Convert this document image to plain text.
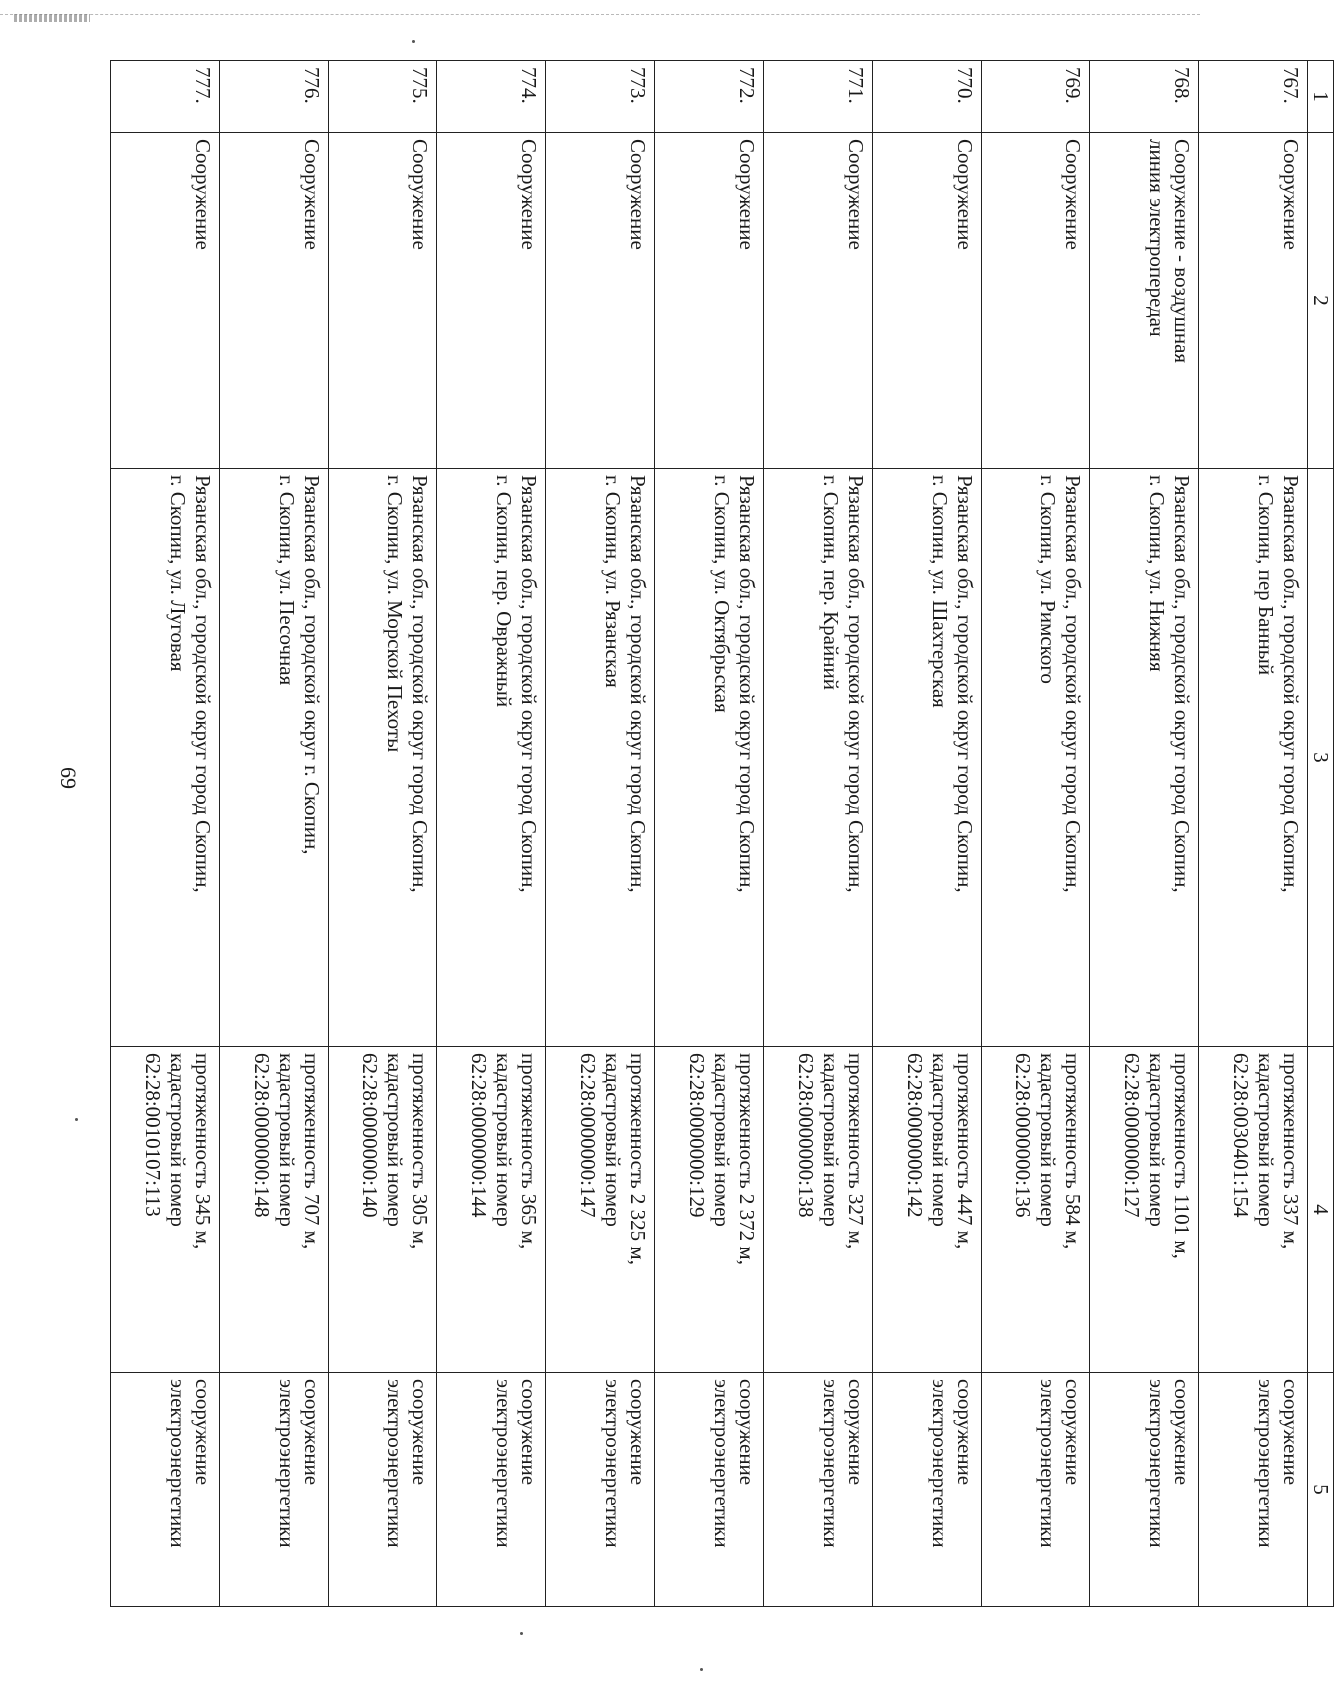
69
1	2	3	4	5

767.	Сооружение	Рязанская обл., городской округ город Скопин,
г. Скопин, пер Банный	протяженность 337 м,
кадастровый номер
62:28:0030401:154	сооружение
электроэнергетики

768.	Сооружение - воздушная
линия электропередач	Рязанская обл., городской округ город Скопин,
г. Скопин, ул. Нижняя	протяженность 1101 м,
кадастровый номер
62:28:0000000:127	сооружение
электроэнергетики

769.	Сооружение	Рязанская обл., городской округ город Скопин,
г. Скопин, ул. Римского	протяженность 584 м,
кадастровый номер
62:28:0000000:136	сооружение
электроэнергетики

770.	Сооружение	Рязанская обл., городской округ город Скопин,
г. Скопин, ул. Шахтерская	протяженность 447 м,
кадастровый номер
62:28:0000000:142	сооружение
электроэнергетики

771.	Сооружение	Рязанская обл., городской округ город Скопин,
г. Скопин, пер. Крайний	протяженность 327 м,
кадастровый номер
62:28:0000000:138	сооружение
электроэнергетики

772.	Сооружение	Рязанская обл., городской округ город Скопин,
г. Скопин, ул. Октябрьская	протяженность 2 372 м,
кадастровый номер
62:28:0000000:129	сооружение
электроэнергетики

773.	Сооружение	Рязанская обл., городской округ город Скопин,
г. Скопин, ул. Рязанская	протяженность 2 325 м,
кадастровый номер
62:28:0000000:147	сооружение
электроэнергетики

774.	Сооружение	Рязанская обл., городской округ город Скопин,
г. Скопин, пер. Овражный	протяженность 365 м,
кадастровый номер
62:28:0000000:144	сооружение
электроэнергетики

775.	Сооружение	Рязанская обл., городской округ город Скопин,
г. Скопин, ул. Морской Пехоты	протяженность 305 м,
кадастровый номер
62:28:0000000:140	сооружение
электроэнергетики

776.	Сооружение	Рязанская обл., городской округ г. Скопин,
г. Скопин, ул. Песочная	протяженность 707 м,
кадастровый номер
62:28:0000000:148	сооружение
электроэнергетики

777.	Сооружение	Рязанская обл., городской округ город Скопин,
г. Скопин, ул. Луговая	протяженность 345 м,
кадастровый номер
62:28:0010107:113	сооружение
электроэнергетики
